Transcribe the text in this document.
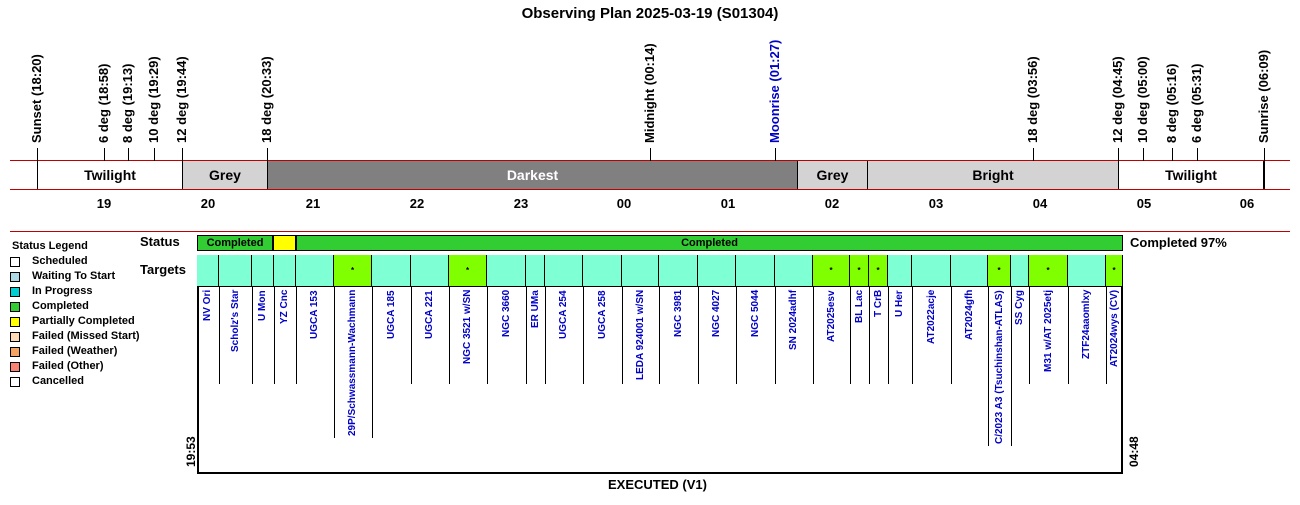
Observing Plan 2025-03-19 (S01304)
Sunset (18:20)	6 deg (18:58) 8 deg (19:13) 10 deg (19:29) 12 deg (19:44)	18 deg (20:33)	Midnight (00:14)	Moonrise (01:27)	18 deg (03:56)	12 deg (04:45) 10 deg (05:00) 8 deg (05:16) 6 deg (05:31)	Sunrise (06:09)
Twilight	Grey	Darkest	Grey	Bright	Twilight
19	20	21	22	23	00	01	02	03	04	05	06
Status Legend
Scheduled
Waiting To Start
In Progress
Completed
Partially Completed
Failed (Missed Start)
Failed (Weather)
Failed (Other)
Cancelled
Status	Completed	Completed	Completed 97%
Targets	*	*	*	* *	*	*	*
NV Ori Scholz's Star U Mon YZ Cnc UGCA 153	29P/Schwassmann-Wachmann	UGCA 185	UGCA 221	NGC 3521 w/SN	NGC 3660 ER UMa UGCA 254	UGCA 258	LEDA 924001 w/SN	NGC 3981	NGC 4027	NGC 5044	SN 2024adhf	AT2025esv BL Lac T CrB U Her AT2022acje	AT2024gfh C/2023 A3 (Tsuchinshan-ATLAS) SS Cyg M31 w/AT 2025etj	ZTF24aaomlxy AT2024wys (CV)
19:53	04:48
EXECUTED (V1)
